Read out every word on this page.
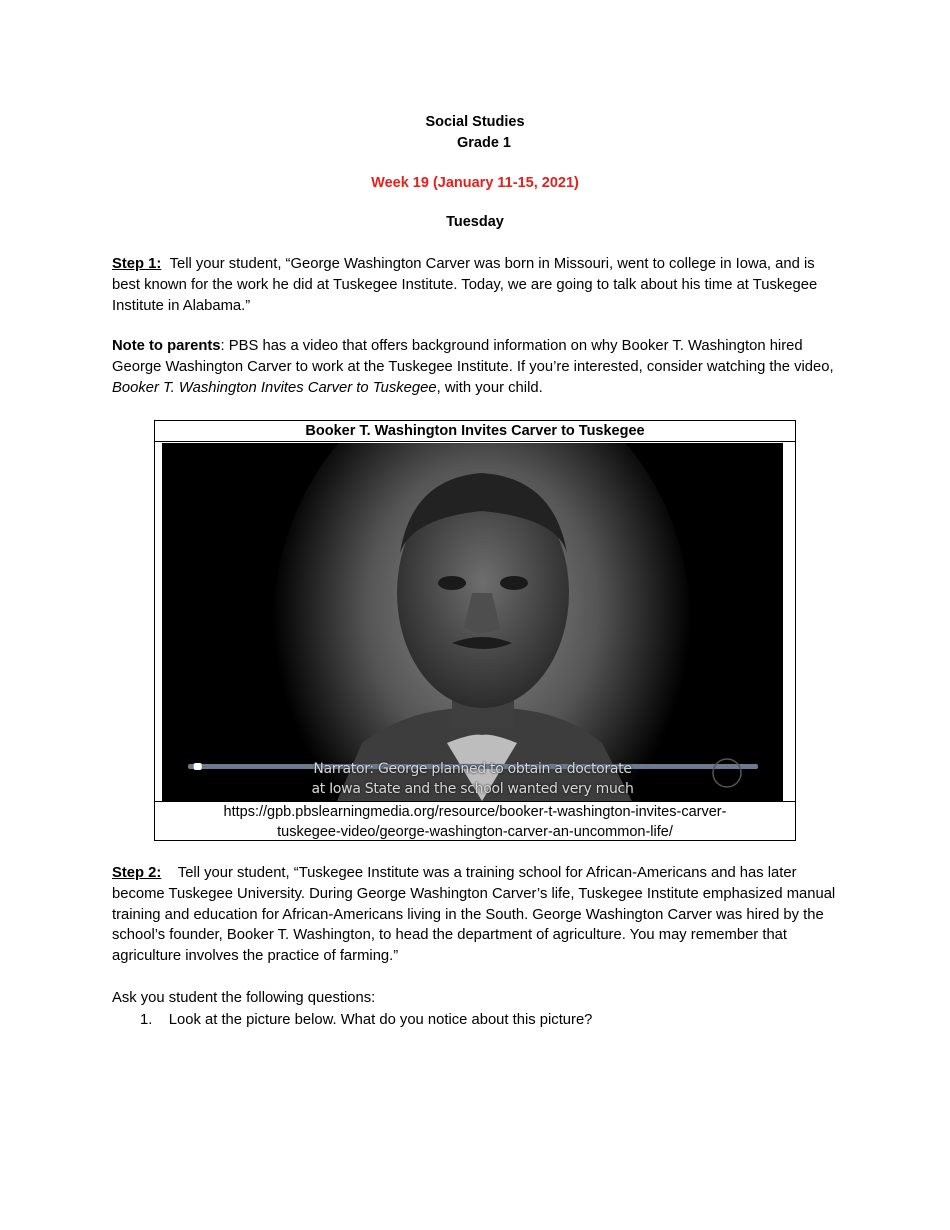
Social Studies
Grade 1
Week 19 (January 11-15, 2021)
Tuesday
Step 1: Tell your student, “George Washington Carver was born in Missouri, went to college in Iowa, and is best known for the work he did at Tuskegee Institute. Today, we are going to talk about his time at Tuskegee Institute in Alabama.”
Note to parents: PBS has a video that offers background information on why Booker T. Washington hired George Washington Carver to work at the Tuskegee Institute. If you’re interested, consider watching the video, Booker T. Washington Invites Carver to Tuskegee, with your child.
Booker T. Washington Invites Carver to Tuskegee
Narrator: George planned to obtain a doctorate
at Iowa State and the school wanted very much
https://gpb.pbslearningmedia.org/resource/booker-t-washington-invites-carver-
tuskegee-video/george-washington-carver-an-uncommon-life/
Step 2: Tell your student, “Tuskegee Institute was a training school for African-Americans and has later become Tuskegee University. During George Washington Carver’s life, Tuskegee Institute emphasized manual training and education for African-Americans living in the South. George Washington Carver was hired by the school’s founder, Booker T. Washington, to head the department of agriculture. You may remember that agriculture involves the practice of farming.”
Ask you student the following questions:
1. Look at the picture below. What do you notice about this picture?
